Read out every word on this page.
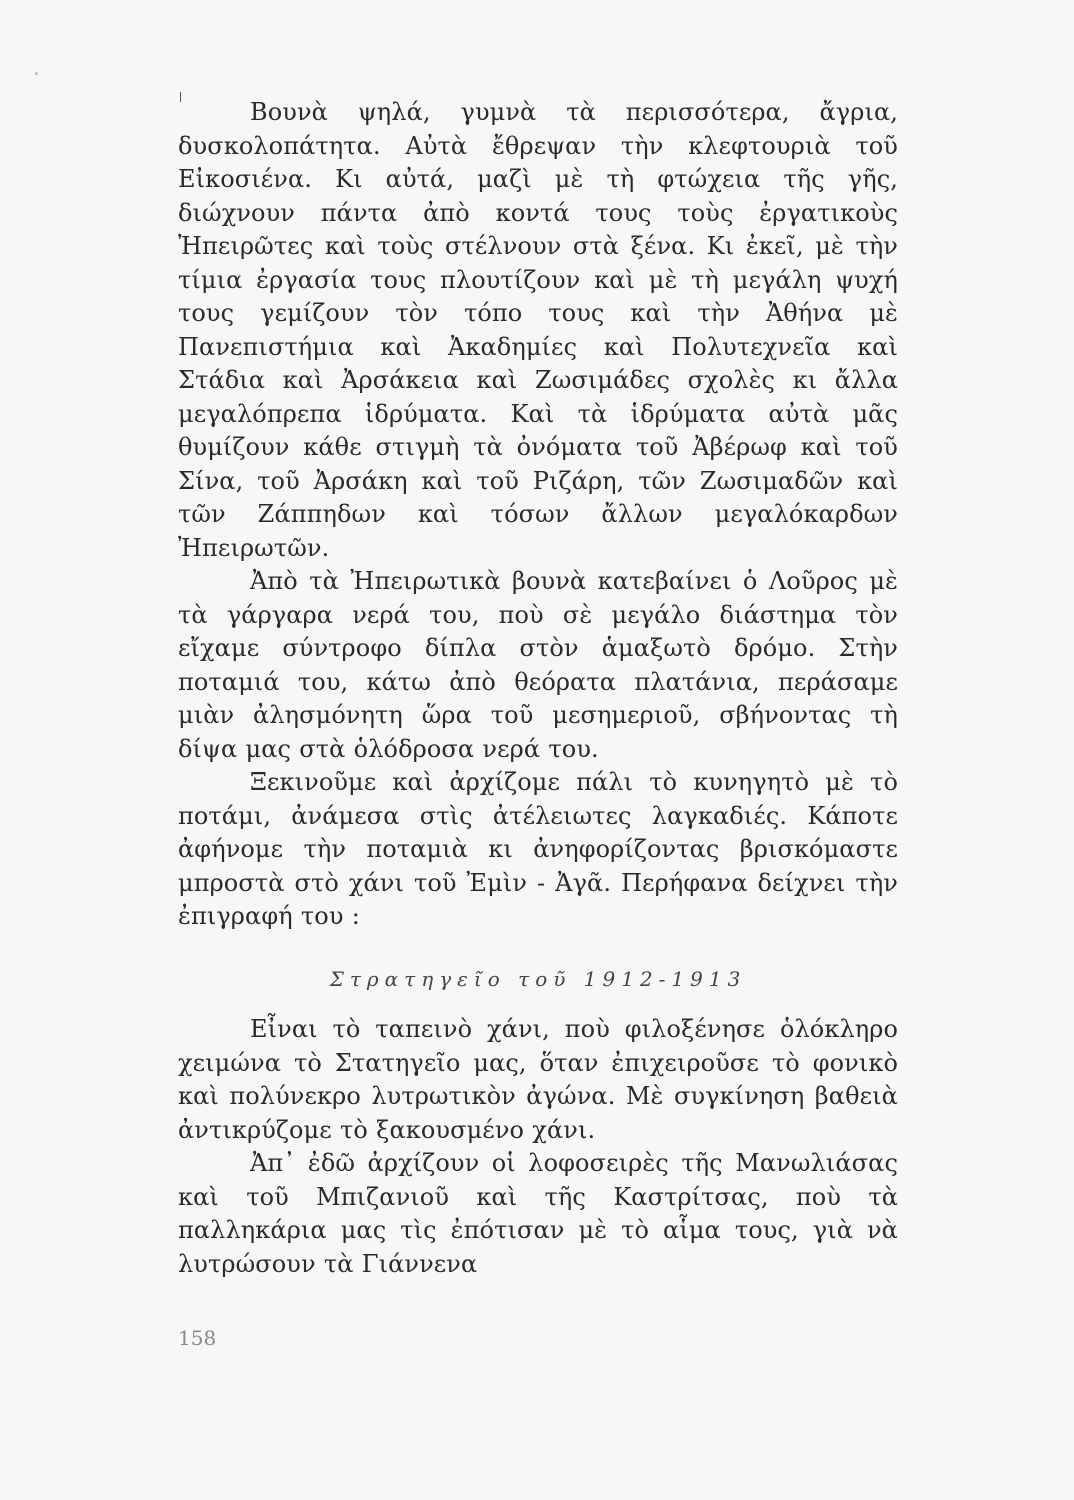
Βουνὰ ψηλά, γυμνὰ τὰ περισσότερα, ἄγρια, δυσκολοπάτητα. Αὐτὰ ἔθρεψαν τὴν κλεφτουριὰ τοῦ Εἰκοσιένα. Κι αὐτά, μαζὶ μὲ τὴ φτώχεια τῆς γῆς, διώχνουν πάντα ἀπὸ κοντά τους τοὺς ἐργατικοὺς Ἠπειρῶτες καὶ τοὺς στέλνουν στὰ ξένα. Κι ἐκεῖ, μὲ τὴν τίμια ἐργασία τους πλουτίζουν καὶ μὲ τὴ μεγάλη ψυχή τους γεμίζουν τὸν τόπο τους καὶ τὴν Ἀθήνα μὲ Πανεπιστήμια καὶ Ἀκαδημίες καὶ Πολυτεχνεῖα καὶ Στάδια καὶ Ἀρσάκεια καὶ Ζωσιμάδες σχολὲς κι ἄλλα μεγαλόπρεπα ἱδρύματα. Καὶ τὰ ἱδρύματα αὐτὰ μᾶς θυμίζουν κάθε στιγμὴ τὰ ὀνόματα τοῦ Ἀβέρωφ καὶ τοῦ Σίνα, τοῦ Ἀρσάκη καὶ τοῦ Ριζάρη, τῶν Ζωσιμαδῶν καὶ τῶν Ζάππηδων καὶ τόσων ἄλλων μεγαλόκαρδων Ἠπειρωτῶν.

Ἀπὸ τὰ Ἠπειρωτικὰ βουνὰ κατεβαίνει ὁ Λοῦρος μὲ τὰ γάργαρα νερά του, ποὺ σὲ μεγάλο διάστημα τὸν εἴχαμε σύντροφο δίπλα στὸν ἁμαξωτὸ δρόμο. Στὴν ποταμιά του, κάτω ἀπὸ θεόρατα πλατάνια, περάσαμε μιὰν ἀλησμόνητη ὥρα τοῦ μεσημεριοῦ, σβήνοντας τὴ δίψα μας στὰ ὁλόδροσα νερά του.

Ξεκινοῦμε καὶ ἀρχίζομε πάλι τὸ κυνηγητὸ μὲ τὸ ποτάμι, ἀνάμεσα στὶς ἀτέλειωτες λαγκαδιές. Κάποτε ἀφήνομε τὴν ποταμιὰ κι ἀνηφορίζοντας βρισκόμαστε μπροστὰ στὸ χάνι τοῦ Ἐμὶν - Ἀγᾶ. Περήφανα δείχνει τὴν ἐπιγραφή του :

Στρατηγεῖο τοῦ 1912-1913

Εἶναι τὸ ταπεινὸ χάνι, ποὺ φιλοξένησε ὁλόκληρο χειμώνα τὸ Στατηγεῖο μας, ὅταν ἐπιχειροῦσε τὸ φονικὸ καὶ πολύνεκρο λυτρωτικὸν ἀγώνα. Μὲ συγκίνηση βαθειὰ ἀντικρύζομε τὸ ξακουσμένο χάνι.

Ἀπ᾽ ἐδῶ ἀρχίζουν οἱ λοφοσειρὲς τῆς Μανωλιάσας καὶ τοῦ Μπιζανιοῦ καὶ τῆς Καστρίτσας, ποὺ τὰ παλληκάρια μας τὶς ἐπότισαν μὲ τὸ αἷμα τους, γιὰ νὰ λυτρώσουν τὰ Γιάννενα

158
